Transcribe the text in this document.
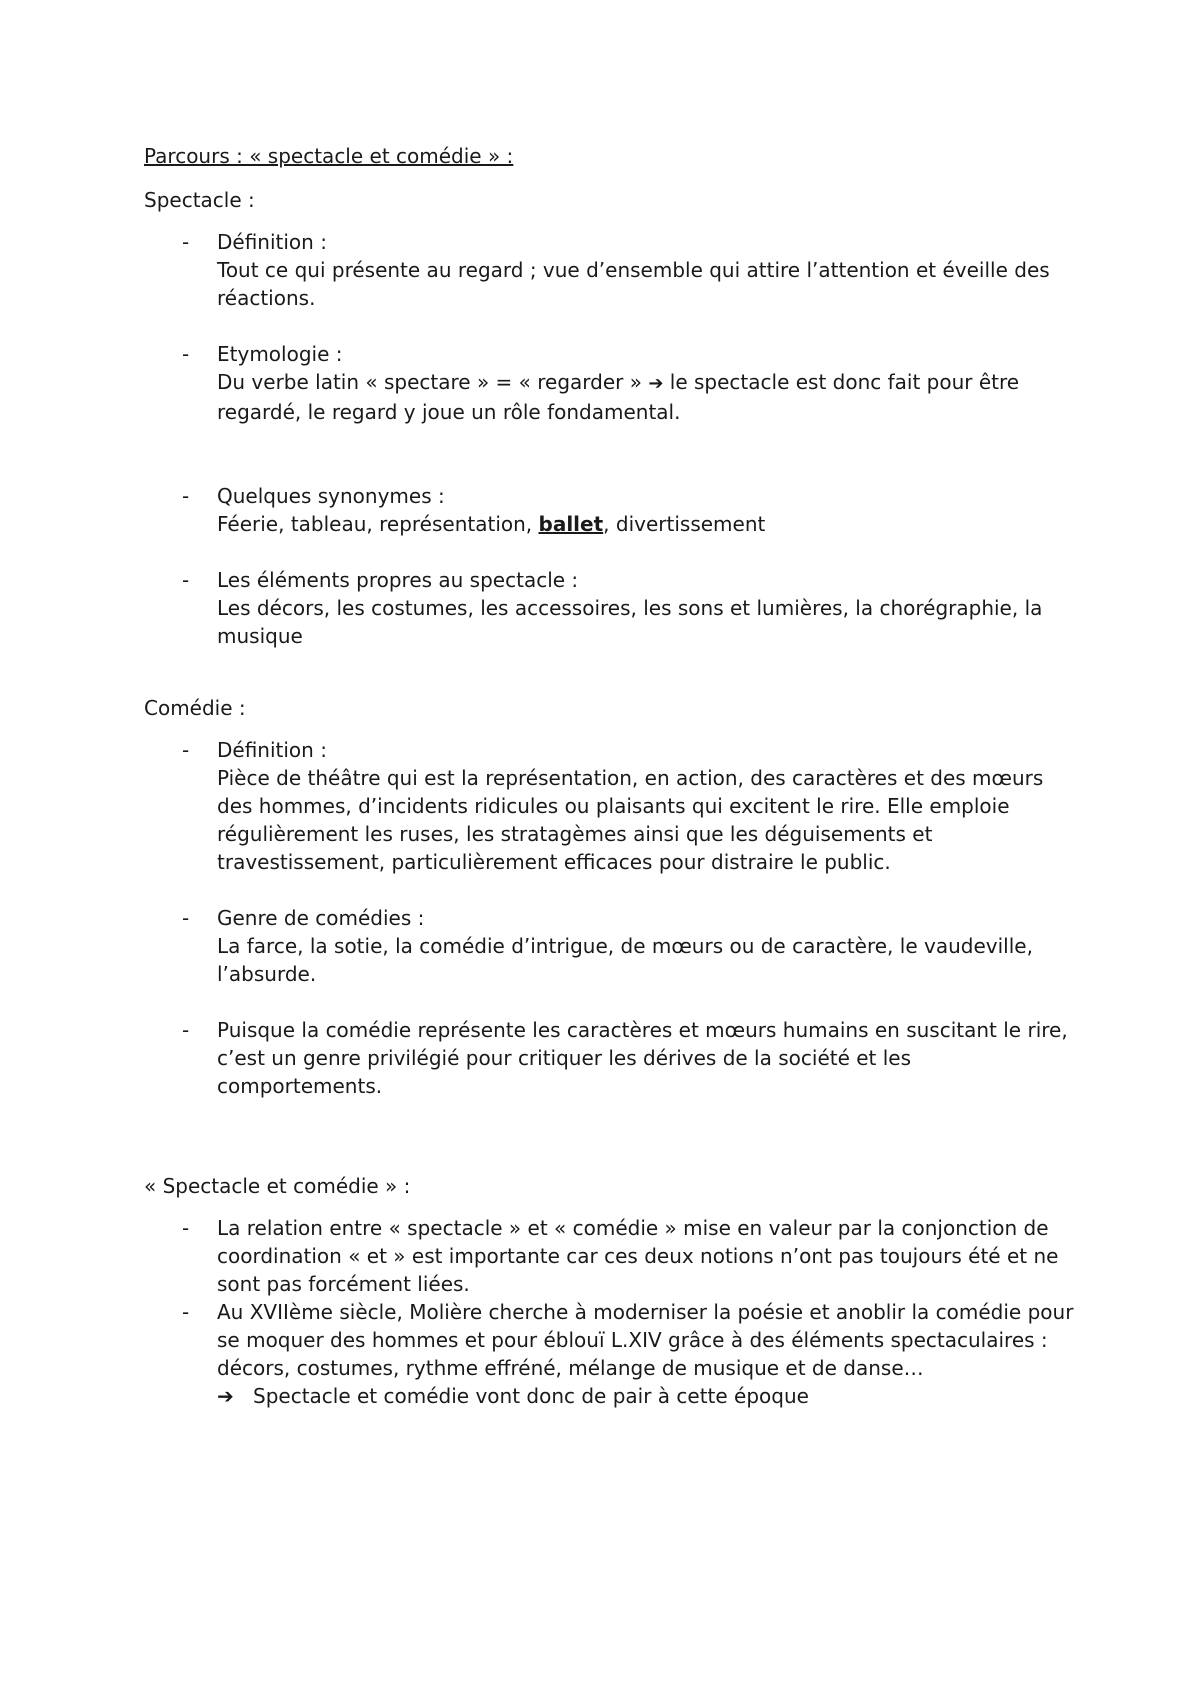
Parcours : « spectacle et comédie » :

Spectacle :

- Définition :
Tout ce qui présente au regard ; vue d’ensemble qui attire l’attention et éveille des réactions.
- Etymologie :
Du verbe latin « spectare » = « regarder » ➔ le spectacle est donc fait pour être regardé, le regard y joue un rôle fondamental.
- Quelques synonymes :
Féerie, tableau, représentation, ballet, divertissement
- Les éléments propres au spectacle :
Les décors, les costumes, les accessoires, les sons et lumières, la chorégraphie, la musique

Comédie :

- Définition :
Pièce de théâtre qui est la représentation, en action, des caractères et des mœurs des hommes, d’incidents ridicules ou plaisants qui excitent le rire. Elle emploie régulièrement les ruses, les stratagèmes ainsi que les déguisements et travestissement, particulièrement efficaces pour distraire le public.
- Genre de comédies :
La farce, la sotie, la comédie d’intrigue, de mœurs ou de caractère, le vaudeville, l’absurde.
- Puisque la comédie représente les caractères et mœurs humains en suscitant le rire, c’est un genre privilégié pour critiquer les dérives de la société et les comportements.

« Spectacle et comédie » :

- La relation entre « spectacle » et « comédie » mise en valeur par la conjonction de coordination « et » est importante car ces deux notions n’ont pas toujours été et ne sont pas forcément liées.
- Au XVIIème siècle, Molière cherche à moderniser la poésie et anoblir la comédie pour se moquer des hommes et pour éblouï L.XIV grâce à des éléments spectaculaires : décors, costumes, rythme effréné, mélange de musique et de danse…
➔ Spectacle et comédie vont donc de pair à cette époque
